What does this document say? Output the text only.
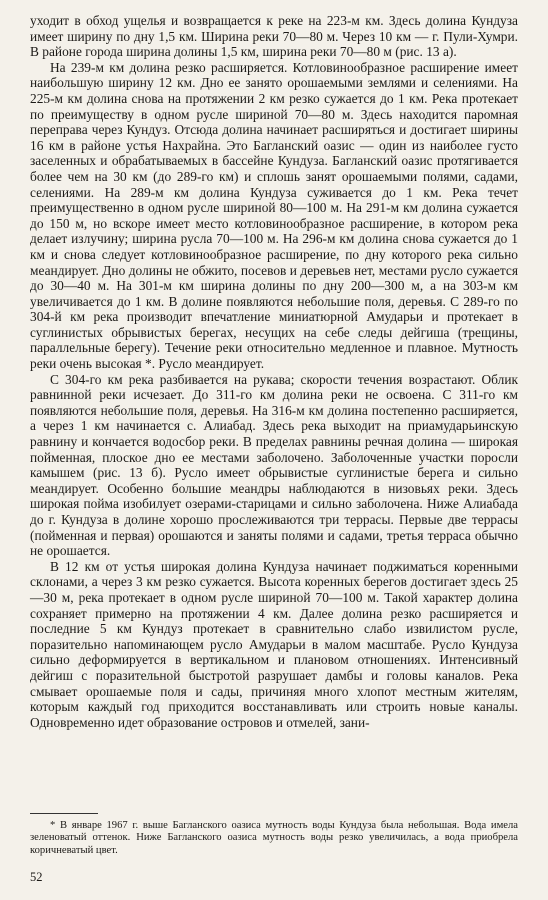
уходит в обход ущелья и возвращается к реке на 223-м км. Здесь долина Кундуза имеет ширину по дну 1,5 км. Ширина реки 70—80 м. Через 10 км — г. Пули-Хумри. В районе города ширина долины 1,5 км, ширина реки 70—80 м (рис. 13 а).

На 239-м км долина резко расширяется. Котловинообразное расширение имеет наибольшую ширину 12 км. Дно ее занято орошаемыми землями и селениями. На 225-м км долина снова на протяжении 2 км резко сужается до 1 км. Река протекает по преимуществу в одном русле шириной 70—80 м. Здесь находится паромная переправа через Кундуз. Отсюда долина начинает расширяться и достигает ширины 16 км в районе устья Нахрайна. Это Багланский оазис — один из наиболее густо заселенных и обрабатываемых в бассейне Кундуза. Багланский оазис протягивается более чем на 30 км (до 289-го км) и сплошь занят орошаемыми полями, садами, селениями. На 289-м км долина Кундуза суживается до 1 км. Река течет преимущественно в одном русле шириной 80—100 м. На 291-м км долина сужается до 150 м, но вскоре имеет место котловинообразное расширение, в котором река делает излучину; ширина русла 70—100 м. На 296-м км долина снова сужается до 1 км и снова следует котловинообразное расширение, по дну которого река сильно меандирует. Дно долины не обжито, посевов и деревьев нет, местами русло сужается до 30—40 м. На 301-м км ширина долины по дну 200—300 м, а на 303-м км увеличивается до 1 км. В долине появляются небольшие поля, деревья. С 289-го по 304-й км река производит впечатление миниатюрной Амударьи и протекает в суглинистых обрывистых берегах, несущих на себе следы дейгиша (трещины, параллельные берегу). Течение реки относительно медленное и плавное. Мутность реки очень высокая *. Русло меандирует.

С 304-го км река разбивается на рукава; скорости течения возрастают. Облик равнинной реки исчезает. До 311-го км долина реки не освоена. С 311-го км появляются небольшие поля, деревья. На 316-м км долина постепенно расширяется, а через 1 км начинается с. Алиабад. Здесь река выходит на приамударьинскую равнину и кончается водосбор реки. В пределах равнины речная долина — широкая пойменная, плоское дно ее местами заболочено. Заболоченные участки поросли камышем (рис. 13 б). Русло имеет обрывистые суглинистые берега и сильно меандирует. Особенно большие меандры наблюдаются в низовьях реки. Здесь широкая пойма изобилует озерами-старицами и сильно заболочена. Ниже Алиабада до г. Кундуза в долине хорошо прослеживаются три террасы. Первые две террасы (пойменная и первая) орошаются и заняты полями и садами, третья терраса обычно не орошается.

В 12 км от устья широкая долина Кундуза начинает поджиматься коренными склонами, а через 3 км резко сужается. Высота коренных берегов достигает здесь 25—30 м, река протекает в одном русле шириной 70—100 м. Такой характер долина сохраняет примерно на протяжении 4 км. Далее долина резко расширяется и последние 5 км Кундуз протекает в сравнительно слабо извилистом русле, поразительно напоминающем русло Амударьи в малом масштабе. Русло Кундуза сильно деформируется в вертикальном и плановом отношениях. Интенсивный дейгиш с поразительной быстротой разрушает дамбы и головы каналов. Река смывает орошаемые поля и сады, причиняя много хлопот местным жителям, которым каждый год приходится восстанавливать или строить новые каналы. Одновременно идет образование островов и отмелей, зани-

* В январе 1967 г. выше Багланского оазиса мутность воды Кундуза была небольшая. Вода имела зеленоватый оттенок. Ниже Багланского оазиса мутность воды резко увеличилась, а вода приобрела коричневатый цвет.

52
